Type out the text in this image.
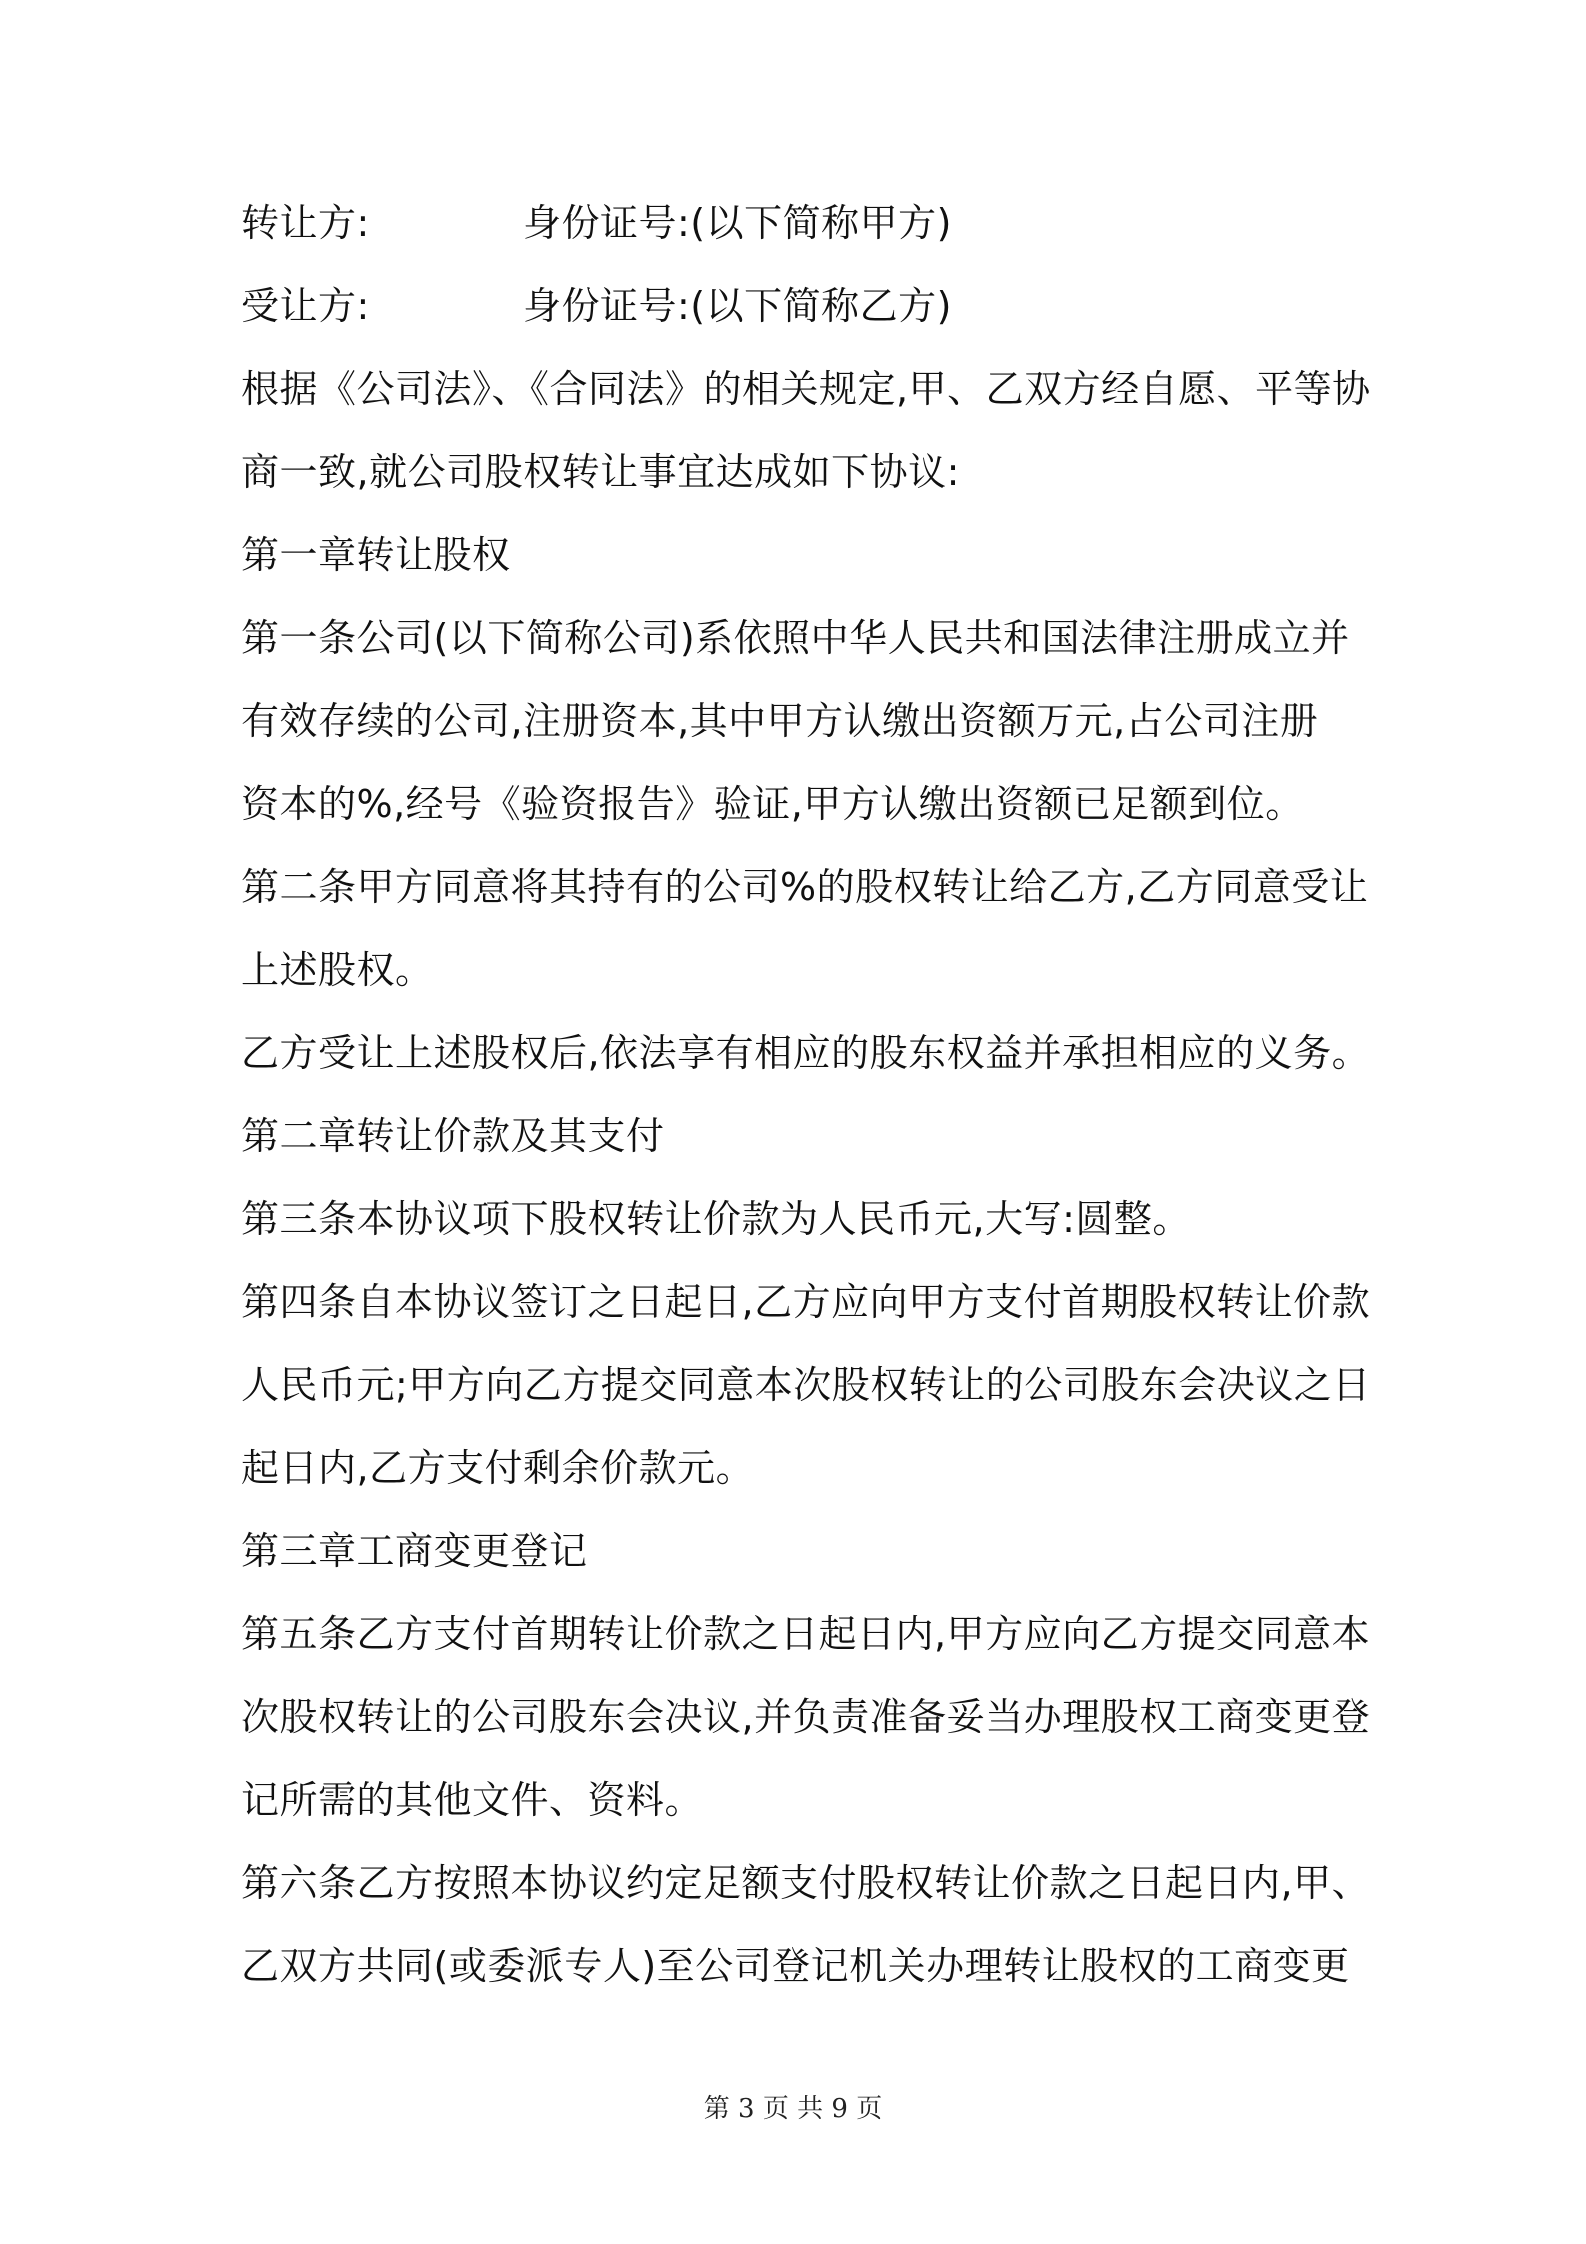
转让方:	身份证号:(以下简称甲方)
受让方:	身份证号:(以下简称乙方)
根据《公司法》、《合同法》的相关规定,甲、乙双方经自愿、平等协
商一致,就公司股权转让事宜达成如下协议:
第一章转让股权
第一条公司(以下简称公司)系依照中华人民共和国法律注册成立并
有效存续的公司,注册资本,其中甲方认缴出资额万元,占公司注册
资本的%,经号《验资报告》验证,甲方认缴出资额已足额到位。
第二条甲方同意将其持有的公司%的股权转让给乙方,乙方同意受让
上述股权。
乙方受让上述股权后,依法享有相应的股东权益并承担相应的义务。
第二章转让价款及其支付
第三条本协议项下股权转让价款为人民币元,大写:圆整。
第四条自本协议签订之日起日,乙方应向甲方支付首期股权转让价款
人民币元;甲方向乙方提交同意本次股权转让的公司股东会决议之日
起日内,乙方支付剩余价款元。
第三章工商变更登记
第五条乙方支付首期转让价款之日起日内,甲方应向乙方提交同意本
次股权转让的公司股东会决议,并负责准备妥当办理股权工商变更登
记所需的其他文件、资料。
第六条乙方按照本协议约定足额支付股权转让价款之日起日内,甲、
乙双方共同(或委派专人)至公司登记机关办理转让股权的工商变更
第 3 页 共 9 页
